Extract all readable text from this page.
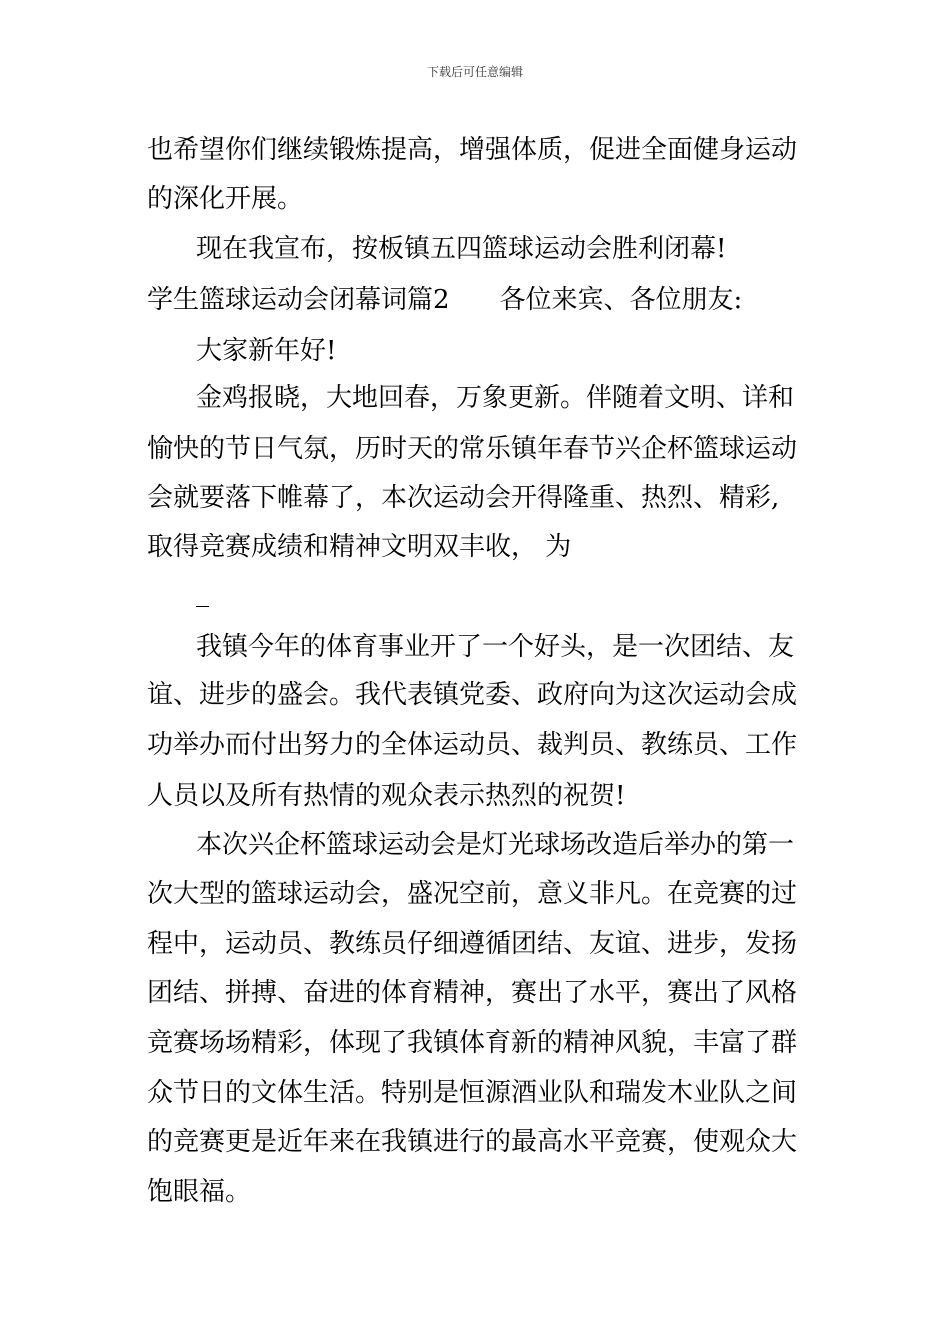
下载后可任意编辑
也希望你们继续锻炼提高，增强体质，促进全面健身运动
的深化开展。
现在我宣布，按板镇五四篮球运动会胜利闭幕!
学生篮球运动会闭幕词篇2 各位来宾、各位朋友:
大家新年好!
金鸡报晓，大地回春，万象更新。伴随着文明、详和
愉快的节日气氛，历时天的常乐镇年春节兴企杯篮球运动
会就要落下帷幕了，本次运动会开得隆重、热烈、精彩,
取得竞赛成绩和精神文明双丰收， 为
_
我镇今年的体育事业开了一个好头，是一次团结、友
谊、进步的盛会。我代表镇党委、政府向为这次运动会成
功举办而付出努力的全体运动员、裁判员、教练员、工作
人员以及所有热情的观众表示热烈的祝贺!
本次兴企杯篮球运动会是灯光球场改造后举办的第一
次大型的篮球运动会，盛况空前，意义非凡。在竞赛的过
程中，运动员、教练员仔细遵循团结、友谊、进步，发扬
团结、拼搏、奋进的体育精神，赛出了水平，赛出了风格
竞赛场场精彩，体现了我镇体育新的精神风貌，丰富了群
众节日的文体生活。特别是恒源酒业队和瑞发木业队之间
的竞赛更是近年来在我镇进行的最高水平竞赛，使观众大
饱眼福。
